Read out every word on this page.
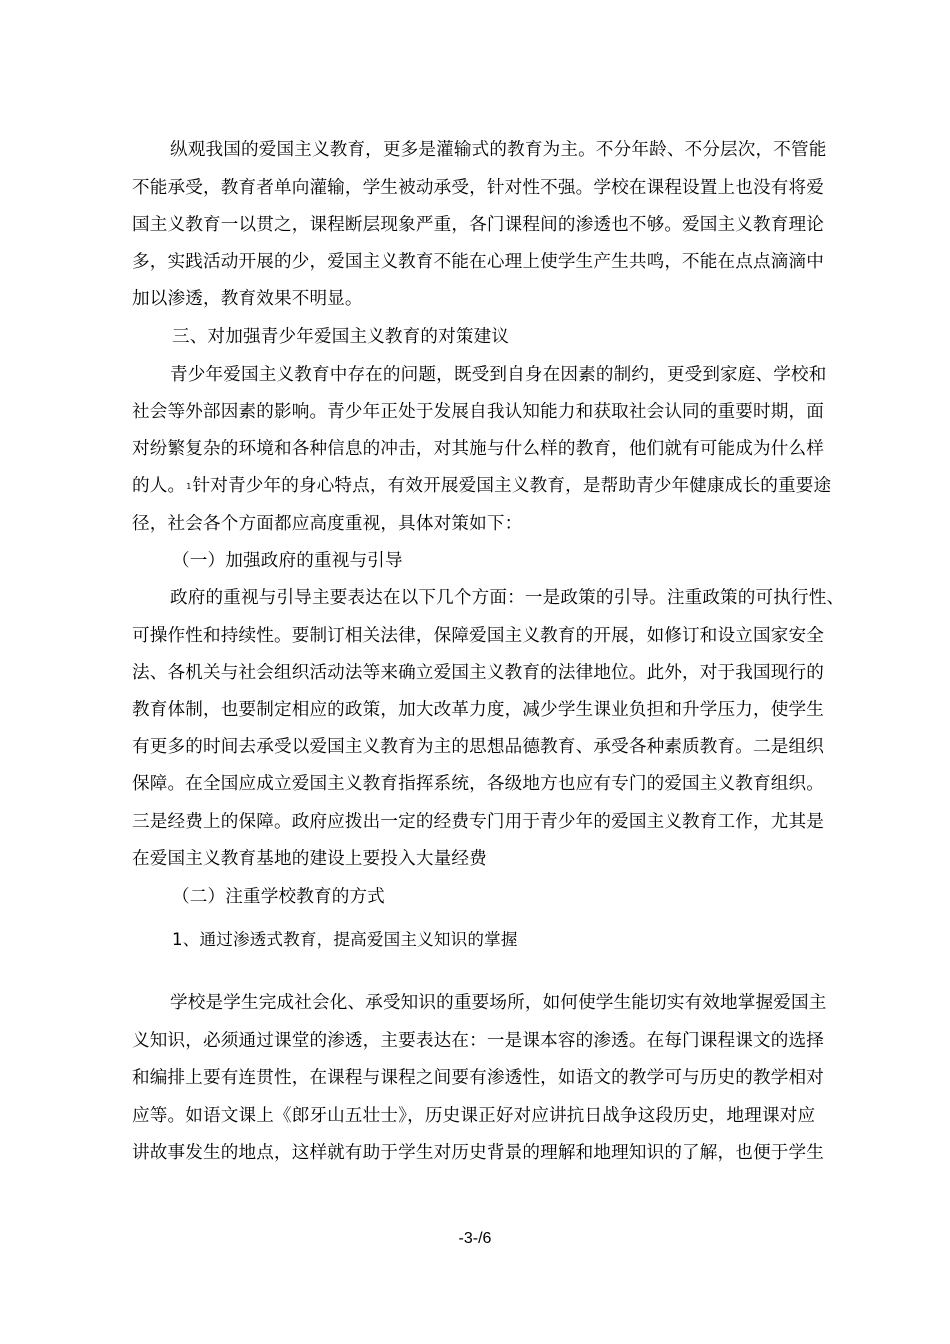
纵观我国的爱国主义教育，更多是灌输式的教育为主。不分年龄、不分层次，不管能
不能承受，教育者单向灌输，学生被动承受，针对性不强。学校在课程设置上也没有将爱
国主义教育一以贯之，课程断层现象严重，各门课程间的渗透也不够。爱国主义教育理论
多，实践活动开展的少，爱国主义教育不能在心理上使学生产生共鸣，不能在点点滴滴中
加以渗透，教育效果不明显。
三、对加强青少年爱国主义教育的对策建议
青少年爱国主义教育中存在的问题，既受到自身在因素的制约，更受到家庭、学校和
社会等外部因素的影响。青少年正处于发展自我认知能力和获取社会认同的重要时期，面
对纷繁复杂的环境和各种信息的冲击，对其施与什么样的教育，他们就有可能成为什么样
的人。$^1$针对青少年的身心特点，有效开展爱国主义教育，是帮助青少年健康成长的重要途
径，社会各个方面都应高度重视，具体对策如下：
（一）加强政府的重视与引导
政府的重视与引导主要表达在以下几个方面：一是政策的引导。注重政策的可执行性、
可操作性和持续性。要制订相关法律，保障爱国主义教育的开展，如修订和设立国家安全
法、各机关与社会组织活动法等来确立爱国主义教育的法律地位。此外，对于我国现行的
教育体制，也要制定相应的政策，加大改革力度，减少学生课业负担和升学压力，使学生
有更多的时间去承受以爱国主义教育为主的思想品德教育、承受各种素质教育。二是组织
保障。在全国应成立爱国主义教育指挥系统，各级地方也应有专门的爱国主义教育组织。
三是经费上的保障。政府应拨出一定的经费专门用于青少年的爱国主义教育工作，尤其是
在爱国主义教育基地的建设上要投入大量经费
（二）注重学校教育的方式
1、通过渗透式教育，提高爱国主义知识的掌握
学校是学生完成社会化、承受知识的重要场所，如何使学生能切实有效地掌握爱国主
义知识，必须通过课堂的渗透，主要表达在：一是课本容的渗透。在每门课程课文的选择
和编排上要有连贯性，在课程与课程之间要有渗透性，如语文的教学可与历史的教学相对
应等。如语文课上《郎牙山五壮士》，历史课正好对应讲抗日战争这段历史，地理课对应
讲故事发生的地点，这样就有助于学生对历史背景的理解和地理知识的了解，也便于学生
-3-/6
